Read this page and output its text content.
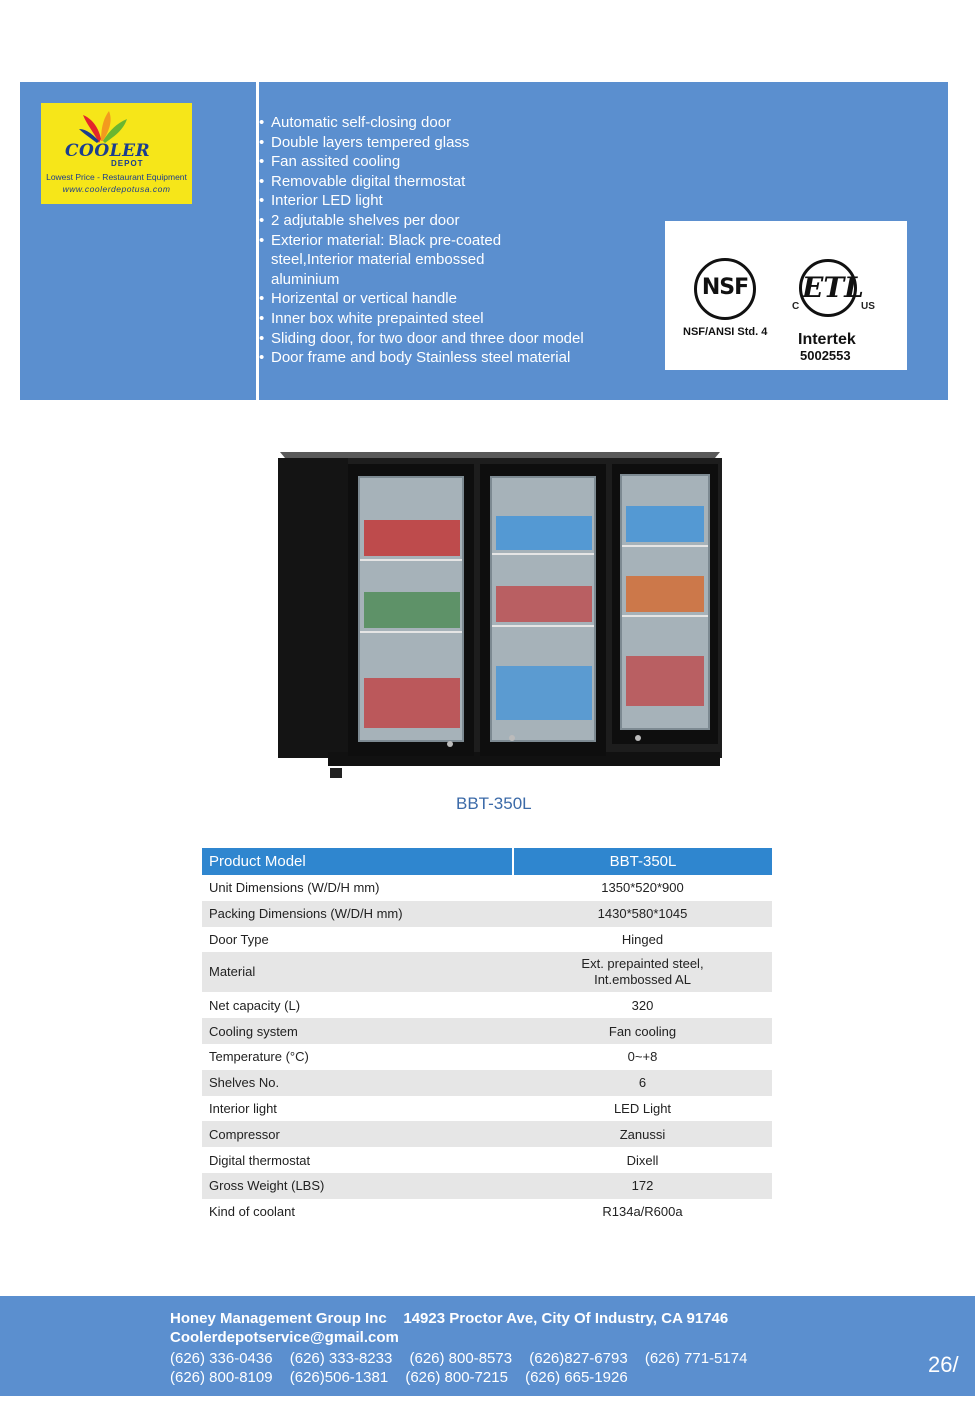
• Automatic self-closing door
• Double layers tempered glass
• Fan assited cooling
• Removable digital thermostat
• Interior LED light
• 2 adjutable shelves per door
• Exterior material: Black pre-coated steel,Interior material embossed aluminium
• Horizental or vertical handle
• Inner box white prepainted steel
• Sliding door, for two door and three door model
• Door frame and body Stainless steel material
NSF
NSF/ANSI Std. 4
ETL
C	US
Intertek
5002553
COOLER
DEPOT
Lowest Price - Restaurant Equipment
www.coolerdepotusa.com
BBT-350L
Product Model	BBT-350L
Unit Dimensions (W/D/H mm)	1350*520*900
Packing Dimensions (W/D/H mm)	1430*580*1045
Door Type	Hinged
Material	Ext. prepainted steel,
Int.embossed AL

Net capacity (L)	320
Cooling system	Fan cooling
Temperature (°C)	0~+8
Shelves No.	6
Interior light	LED Light
Compressor	Zanussi
Digital thermostat	Dixell
Gross Weight (LBS)	172
Kind of coolant	R134a/R600a
Honey Management Group Inc 14923 Proctor Ave, City Of Industry, CA 91746
Coolerdepotservice@gmail.com
(626) 336-0436 (626) 333-8233 (626) 800-8573 (626)827-6793 (626) 771-5174
(626) 800-8109 (626)506-1381 (626) 800-7215 (626) 665-1926
26/
